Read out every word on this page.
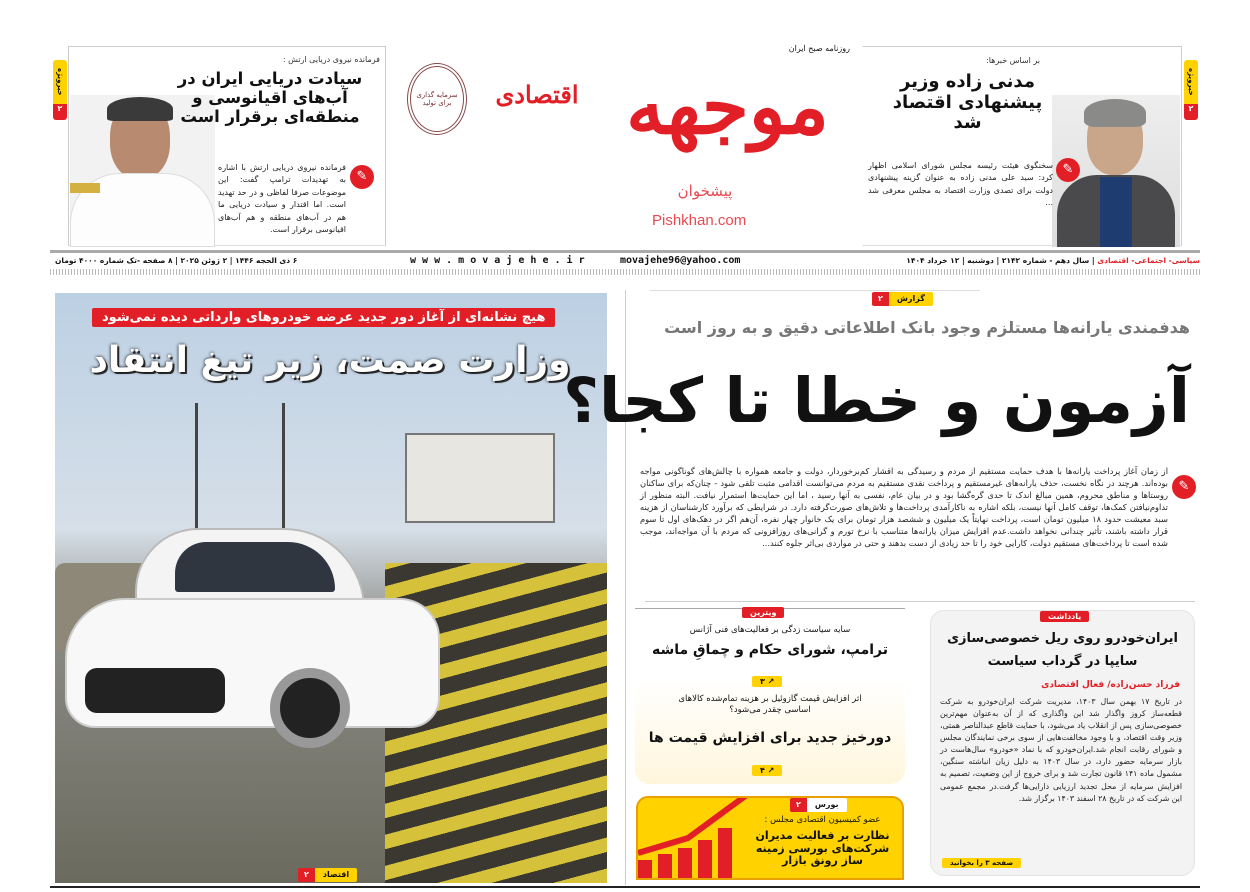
خبرویژه
۲
بر اساس خبرها:
مدنی زاده وزیر پیشنهادی اقتصاد شد
✎
سخنگوی هیئت رئیسه مجلس شورای اسلامی اظهار کرد: سید علی مدنی زاده به عنوان گزینه پیشنهادی دولت برای تصدی وزارت اقتصاد به مجلس معرفی شد ...
خبرویژه
۲
فرمانده نیروی دریایی ارتش :
سیادت دریایی ایران در آب‌های اقیانوسی و منطقه‌ای برقرار است
✎
فرمانده نیروی دریایی ارتش با اشاره به تهدیدات ترامپ گفت: این موضوعات صرفا لفاظی و در حد تهدید است. اما اقتدار و سیادت دریایی ما هم در آب‌های منطقه و هم آب‌های اقیانوسی برقرار است.
روزنامه صبح ایران
سرمایه گذاری برای تولید	موجهه
اقتصادی
پیشخوان
Pishkhan.com
سیاسی- اجتماعی- اقتصادی | سال دهم - شماره ۲۱۴۲ | دوشنبه | ۱۲ خرداد ۱۴۰۴
w w w . m o v a j e h e . i r	movajehe96@yahoo.com
۶ ذی الحجه ۱۴۴۶ | ۲ ژوئن ۲۰۲۵ | ۸ صفحه -تک شماره ۴۰۰۰ تومان
هیچ نشانه‌ای از آغاز دور جدید عرضه خودروهای وارداتی دیده نمی‌شود
وزارت صمت، زیر تیغ انتقاد
۲	اقتصاد
۲	گزارش
هدفمندی یارانه‌ها مستلزم وجود بانک اطلاعاتی دقیق و به روز است
آزمون و خطا تا کجا؟
✎
از زمان آغاز پرداخت یارانه‌ها با هدف حمایت مستقیم از مردم و رسیدگی به اقشار کم‌برخوردار، دولت و جامعه همواره با چالش‌های گوناگونی مواجه بوده‌اند. هرچند در نگاه نخست، حذف یارانه‌های غیرمستقیم و پرداخت نقدی مستقیم به مردم می‌توانست اقدامی مثبت تلقی شود - چنان‌که برای ساکنان روستاها و مناطق محروم، همین مبالغ اندک تا حدی گره‌گشا بود و در بیان عام، نفسی به آنها رسید ، اما این حمایت‌ها استمرار نیافت. البته منظور از تداوم‌نیافتن کمک‌ها، توقف کامل آنها نیست، بلکه اشاره به ناکارآمدی پرداخت‌ها و تلاش‌های صورت‌گرفته دارد. در شرایطی که برآورد کارشناسان از هزینه سبد معیشت حدود ۱۸ میلیون تومان است، پرداخت نهایتاً یک میلیون و ششصد هزار تومان برای یک خانوار چهار نفره، آن‌هم اگر در دهک‌های اول تا سوم قرار داشته باشند، تأثیر چندانی نخواهد داشت.عدم افزایش میزان یارانه‌ها متناسب با نرخ تورم و گرانی‌های روزافزونی که مردم با آن مواجه‌اند، موجب شده است تا پرداخت‌های مستقیم دولت، کارایی خود را تا حد زیادی از دست بدهند و حتی در مواردی بی‌اثر جلوه کنند...
یادداشت
ایران‌خودرو روی ریل خصوصی‌سازی
سایپا در گرداب سیاست
فرزاد حسن‌زاده/ فعال اقتصادی
در تاریخ ۱۷ بهمن سال ۱۴۰۳، مدیریت شرکت ایران‌خودرو به شرکت قطعه‌ساز کروز واگذار شد این واگذاری که از آن به‌عنوان مهم‌ترین خصوصی‌سازی پس از انقلاب یاد می‌شود، با حمایت قاطع عبدالناصر همتی، وزیر وقت اقتصاد، و با وجود مخالفت‌هایی از سوی برخی نمایندگان مجلس و شورای رقابت انجام شد.ایران‌خودرو که با نماد «خودرو» سال‌هاست در بازار سرمایه حضور دارد، در سال ۱۴۰۳ به دلیل زیان انباشته سنگین، مشمول ماده ۱۴۱ قانون تجارت شد و برای خروج از این وضعیت، تصمیم به افزایش سرمایه از محل تجدید ارزیابی دارایی‌ها گرفت.در مجمع عمومی این شرکت که در تاریخ ۲۸ اسفند ۱۴۰۳ برگزار شد.
صفحه ۳ را بخوانید
ویترین
سایه سیاست زدگی بر فعالیت‌های فنی آژانس
ترامپ، شورای حکام و چماقِ ماشه
۳ ↗
اثر افزایش قیمت گازوئیل بر هزینه تمام‌شده کالاهای اساسی چقدر می‌شود؟
دورخیز جدید برای افزایش قیمت ها
۴ ↗
۲	بورس
عضو کمیسیون اقتصادی مجلس :
نظارت بر فعالیت مدیران شرکت‌های بورسی زمینه ساز رونق بازار
